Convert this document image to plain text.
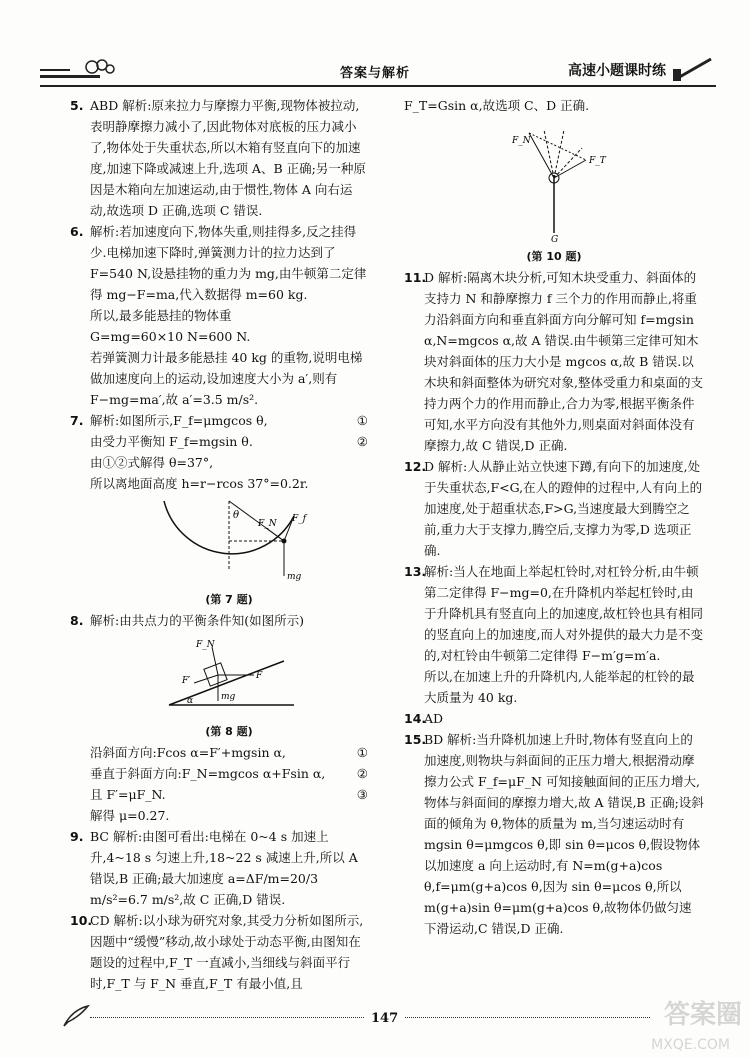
答案与解析	高速小题课时练
5. ABD 解析:原来拉力与摩擦力平衡,现物体被拉动,表明静摩擦力减小了,因此物体对底板的压力减小了,物体处于失重状态,所以木箱有竖直向下的加速度,加速下降或减速上升,选项 A、B 正确;另一种原因是木箱向左加速运动,由于惯性,物体 A 向右运动,故选项 D 正确,选项 C 错误.

6. 解析:若加速度向下,物体失重,则挂得多,反之挂得少.电梯加速下降时,弹簧测力计的拉力达到了 F=540 N,设悬挂物的重力为 mg,由牛顿第二定律得 mg−F=ma,代入数据得 m=60 kg.

所以,最多能悬挂的物体重

G=mg=60×10 N=600 N.

若弹簧测力计最多能悬挂 40 kg 的重物,说明电梯做加速度向上的运动,设加速度大小为 a′,则有 F−mg=ma′,故 a′=3.5 m/s².

7. 解析:如图所示,F_f=μmgcos θ,	①
由受力平衡知 F_f=mgsin θ.	②

由①②式解得 θ=37°,

所以离地面高度 h=r−rcos 37°=0.2r.

θ
F_N F_f
mg
(第 7 题)
8. 解析:由共点力的平衡条件知(如图所示)

F_N
F
F′
mg
α
(第 8 题)
沿斜面方向:Fcos α=F′+mgsin α,	①
垂直于斜面方向:F_N=mgcos α+Fsin α,	②
且 F′=μF_N.	③

解得 μ=0.27.

9. BC 解析:由图可看出:电梯在 0~4 s 加速上升,4~18 s 匀速上升,18~22 s 减速上升,所以 A 错误,B 正确;最大加速度 a=ΔF/m=20/3 m/s²=6.7 m/s²,故 C 正确,D 错误.

10.

CD 解析:以小球为研究对象,其受力分析如图所示,因题中“缓慢”移动,故小球处于动态平衡,由图知在题设的过程中,F_T 一直减小,当细线与斜面平行时,F_T 与 F_N 垂直,F_T 有最小值,且

F_T=Gsin α,故选项 C、D 正确.

F_N
F_T
G
(第 10 题)
11.

D 解析:隔离木块分析,可知木块受重力、斜面体的支持力 N 和静摩擦力 f 三个力的作用而静止,将重力沿斜面方向和垂直斜面方向分解可知 f=mgsin α,N=mgcos α,故 A 错误.由牛顿第三定律可知木块对斜面体的压力大小是 mgcos α,故 B 错误.以木块和斜面整体为研究对象,整体受重力和桌面的支持力两个力的作用而静止,合力为零,根据平衡条件可知,水平方向没有其他外力,则桌面对斜面体没有摩擦力,故 C 错误,D 正确.

12.

D 解析:人从静止站立快速下蹲,有向下的加速度,处于失重状态,F<G,在人的蹬伸的过程中,人有向上的加速度,处于超重状态,F>G,当速度最大到腾空之前,重力大于支撑力,腾空后,支撑力为零,D 选项正确.

13.

解析:当人在地面上举起杠铃时,对杠铃分析,由牛顿第二定律得 F−mg=0,在升降机内举起杠铃时,由于升降机具有竖直向上的加速度,故杠铃也具有相同的竖直向上的加速度,而人对外提供的最大力是不变的,对杠铃由牛顿第二定律得 F−m′g=m′a.

所以,在加速上升的升降机内,人能举起的杠铃的最大质量为 40 kg.

14.

AD

15.

BD 解析:当升降机加速上升时,物体有竖直向上的加速度,则物块与斜面间的正压力增大,根据滑动摩擦力公式 F_f=μF_N 可知接触面间的正压力增大,物体与斜面间的摩擦力增大,故 A 错误,B 正确;设斜面的倾角为 θ,物体的质量为 m,当匀速运动时有 mgsin θ=μmgcos θ,即 sin θ=μcos θ,假设物体以加速度 a 向上运动时,有 N=m(g+a)cos θ,f=μm(g+a)cos θ,因为 sin θ=μcos θ,所以 m(g+a)sin θ=μm(g+a)cos θ,故物体仍做匀速下滑运动,C 错误,D 正确.

147	答案圈
MXQE.COM
